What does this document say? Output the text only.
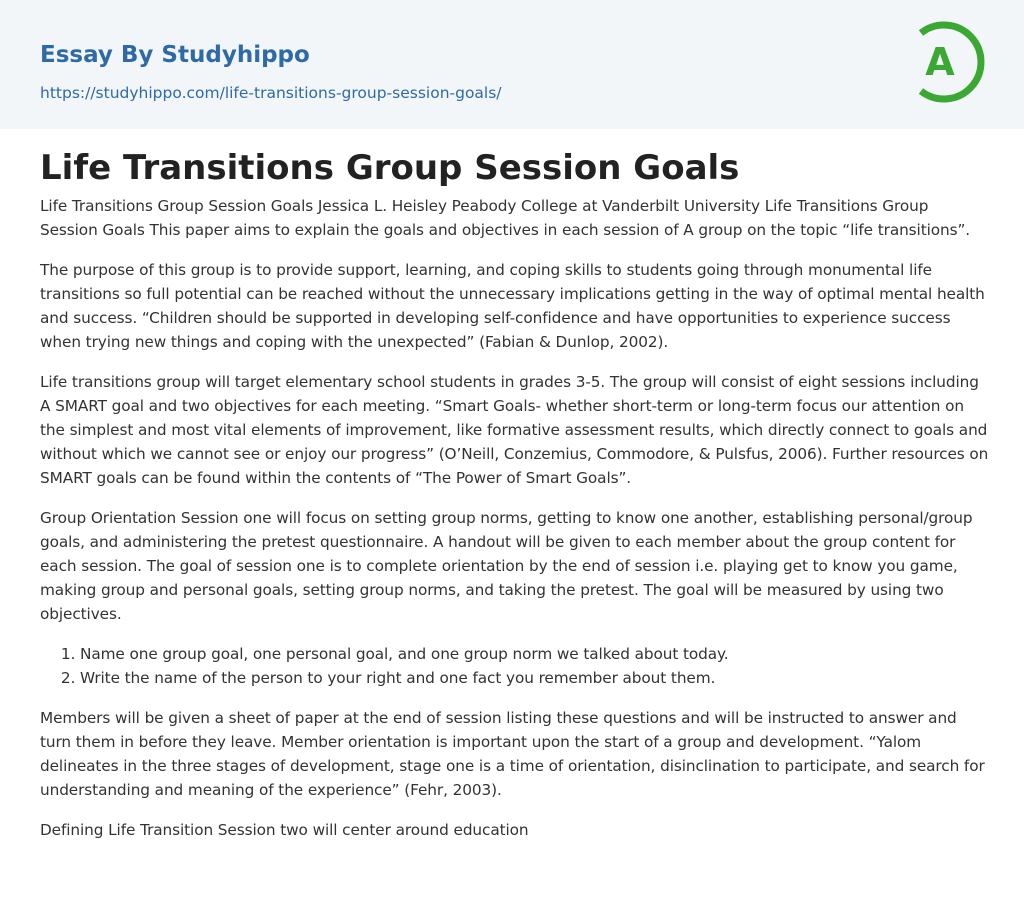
Essay By Studyhippo
https://studyhippo.com/life-transitions-group-session-goals/
A
Life Transitions Group Session Goals

Life Transitions Group Session Goals Jessica L. Heisley Peabody College at Vanderbilt University Life Transitions Group Session Goals This paper aims to explain the goals and objectives in each session of A group on the topic “life transitions”.

The purpose of this group is to provide support, learning, and coping skills to students going through monumental life transitions so full potential can be reached without the unnecessary implications getting in the way of optimal mental health and success. “Children should be supported in developing self-confidence and have opportunities to experience success when trying new things and coping with the unexpected” (Fabian & Dunlop, 2002).

Life transitions group will target elementary school students in grades 3-5. The group will consist of eight sessions including A SMART goal and two objectives for each meeting. “Smart Goals- whether short-term or long-term focus our attention on the simplest and most vital elements of improvement, like formative assessment results, which directly connect to goals and without which we cannot see or enjoy our progress” (O’Neill, Conzemius, Commodore, & Pulsfus, 2006). Further resources on SMART goals can be found within the contents of “The Power of Smart Goals”.

Group Orientation Session one will focus on setting group norms, getting to know one another, establishing personal/group goals, and administering the pretest questionnaire. A handout will be given to each member about the group content for each session. The goal of session one is to complete orientation by the end of session i.e. playing get to know you game, making group and personal goals, setting group norms, and taking the pretest. The goal will be measured by using two objectives.

1. Name one group goal, one personal goal, and one group norm we talked about today.
2. Write the name of the person to your right and one fact you remember about them.

Members will be given a sheet of paper at the end of session listing these questions and will be instructed to answer and turn them in before they leave. Member orientation is important upon the start of a group and development. “Yalom delineates in the three stages of development, stage one is a time of orientation, disinclination to participate, and search for understanding and meaning of the experience” (Fehr, 2003).

Defining Life Transition Session two will center around education
